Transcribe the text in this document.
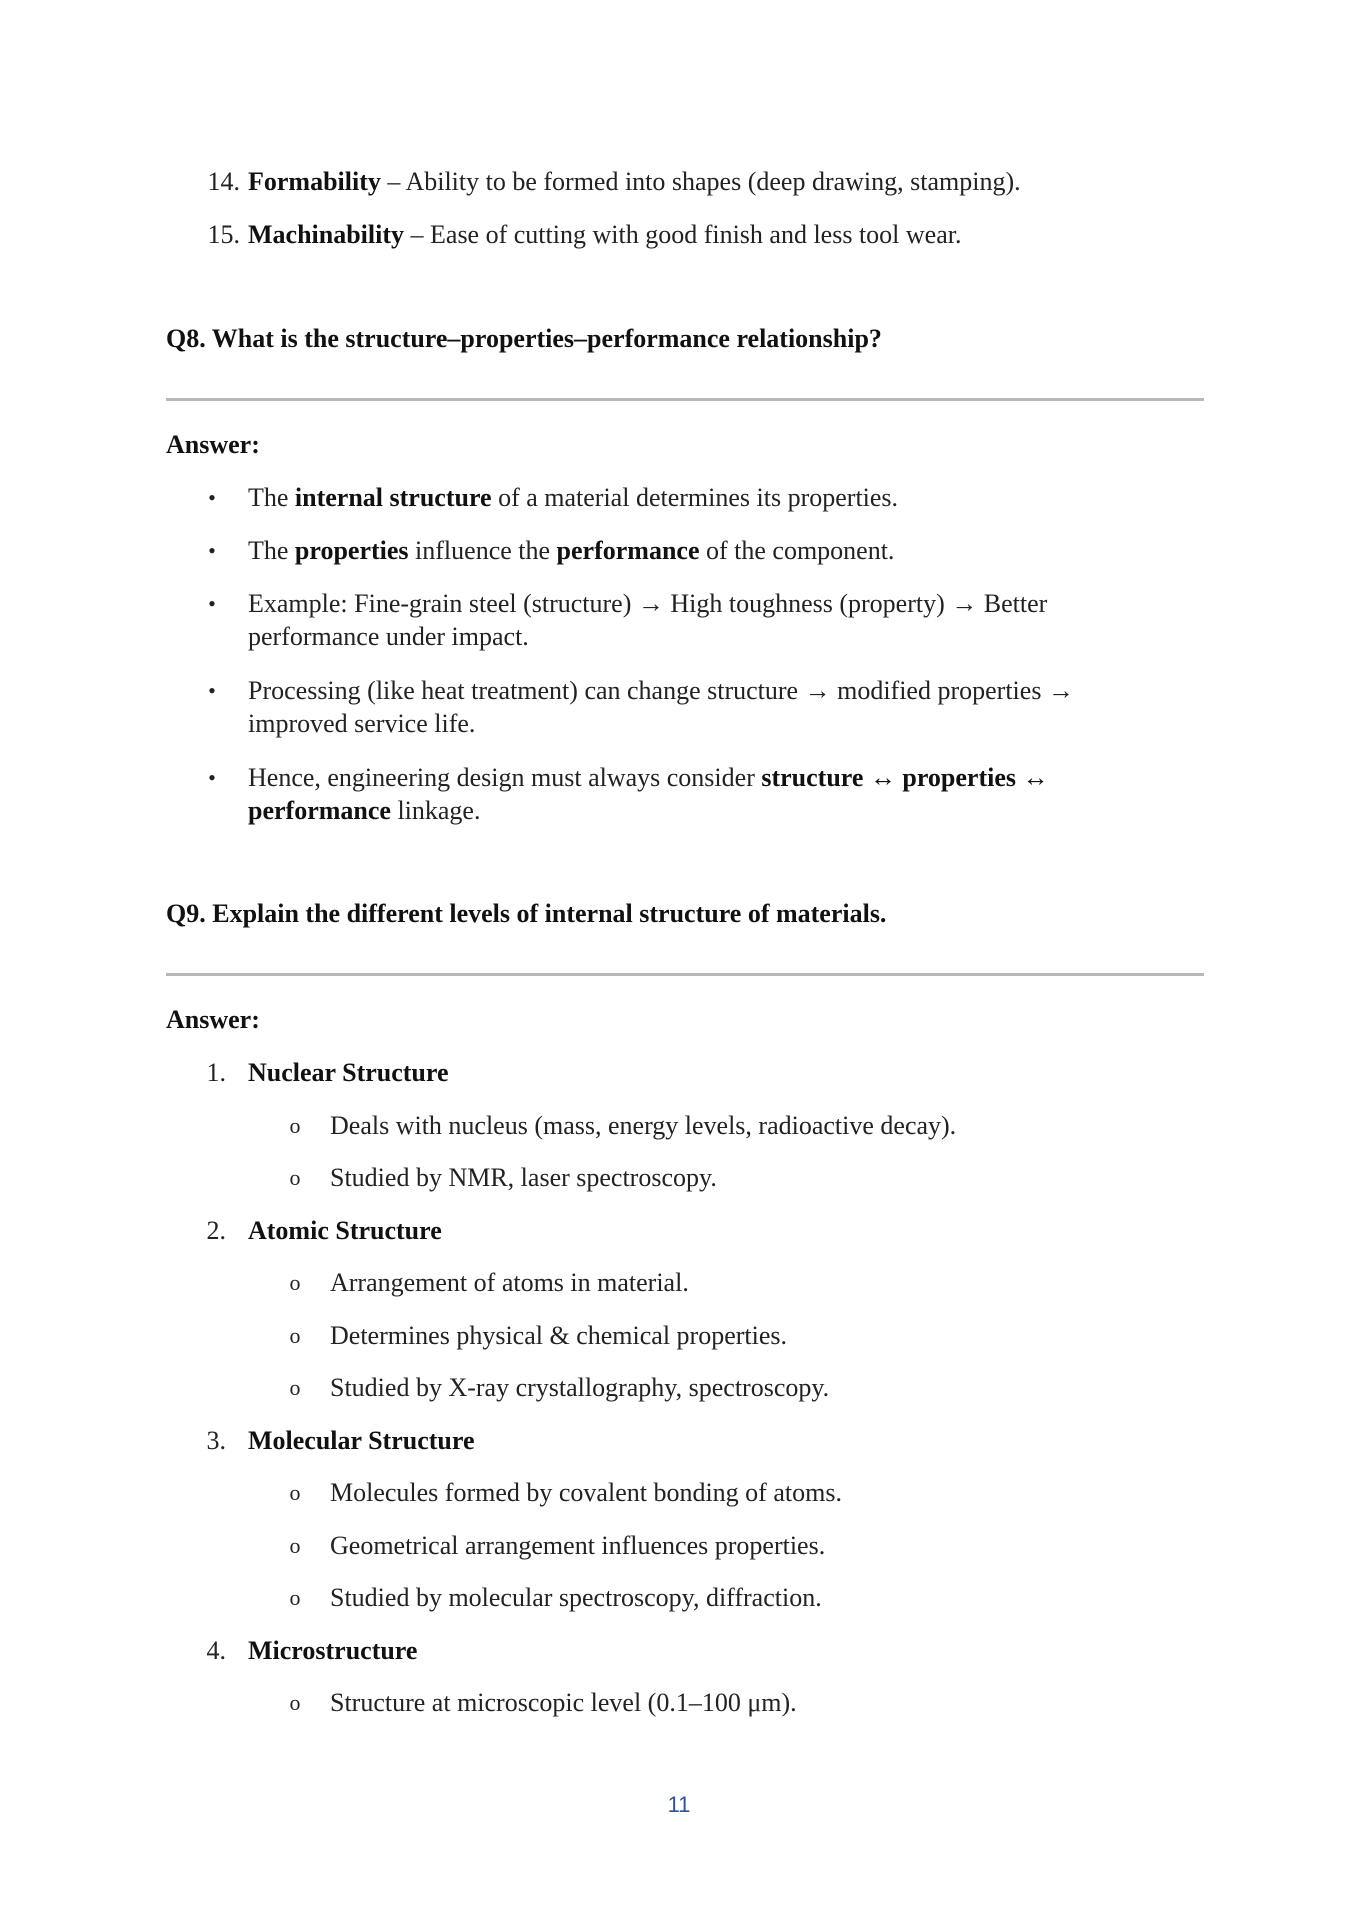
14. Formability – Ability to be formed into shapes (deep drawing, stamping).
15. Machinability – Ease of cutting with good finish and less tool wear.
Q8. What is the structure–properties–performance relationship?
Answer:
• The internal structure of a material determines its properties.
• The properties influence the performance of the component.
• Example: Fine-grain steel (structure) → High toughness (property) → Better
performance under impact.
• Processing (like heat treatment) can change structure → modified properties →
improved service life.
• Hence, engineering design must always consider structure ↔ properties ↔
performance linkage.
Q9. Explain the different levels of internal structure of materials.
Answer:
1. Nuclear Structure
o	Deals with nucleus (mass, energy levels, radioactive decay).
o	Studied by NMR, laser spectroscopy.
2. Atomic Structure
o	Arrangement of atoms in material.
o	Determines physical & chemical properties.
o	Studied by X-ray crystallography, spectroscopy.
3. Molecular Structure
o	Molecules formed by covalent bonding of atoms.
o	Geometrical arrangement influences properties.
o	Studied by molecular spectroscopy, diffraction.
4. Microstructure
o	Structure at microscopic level (0.1–100 μm).
11
